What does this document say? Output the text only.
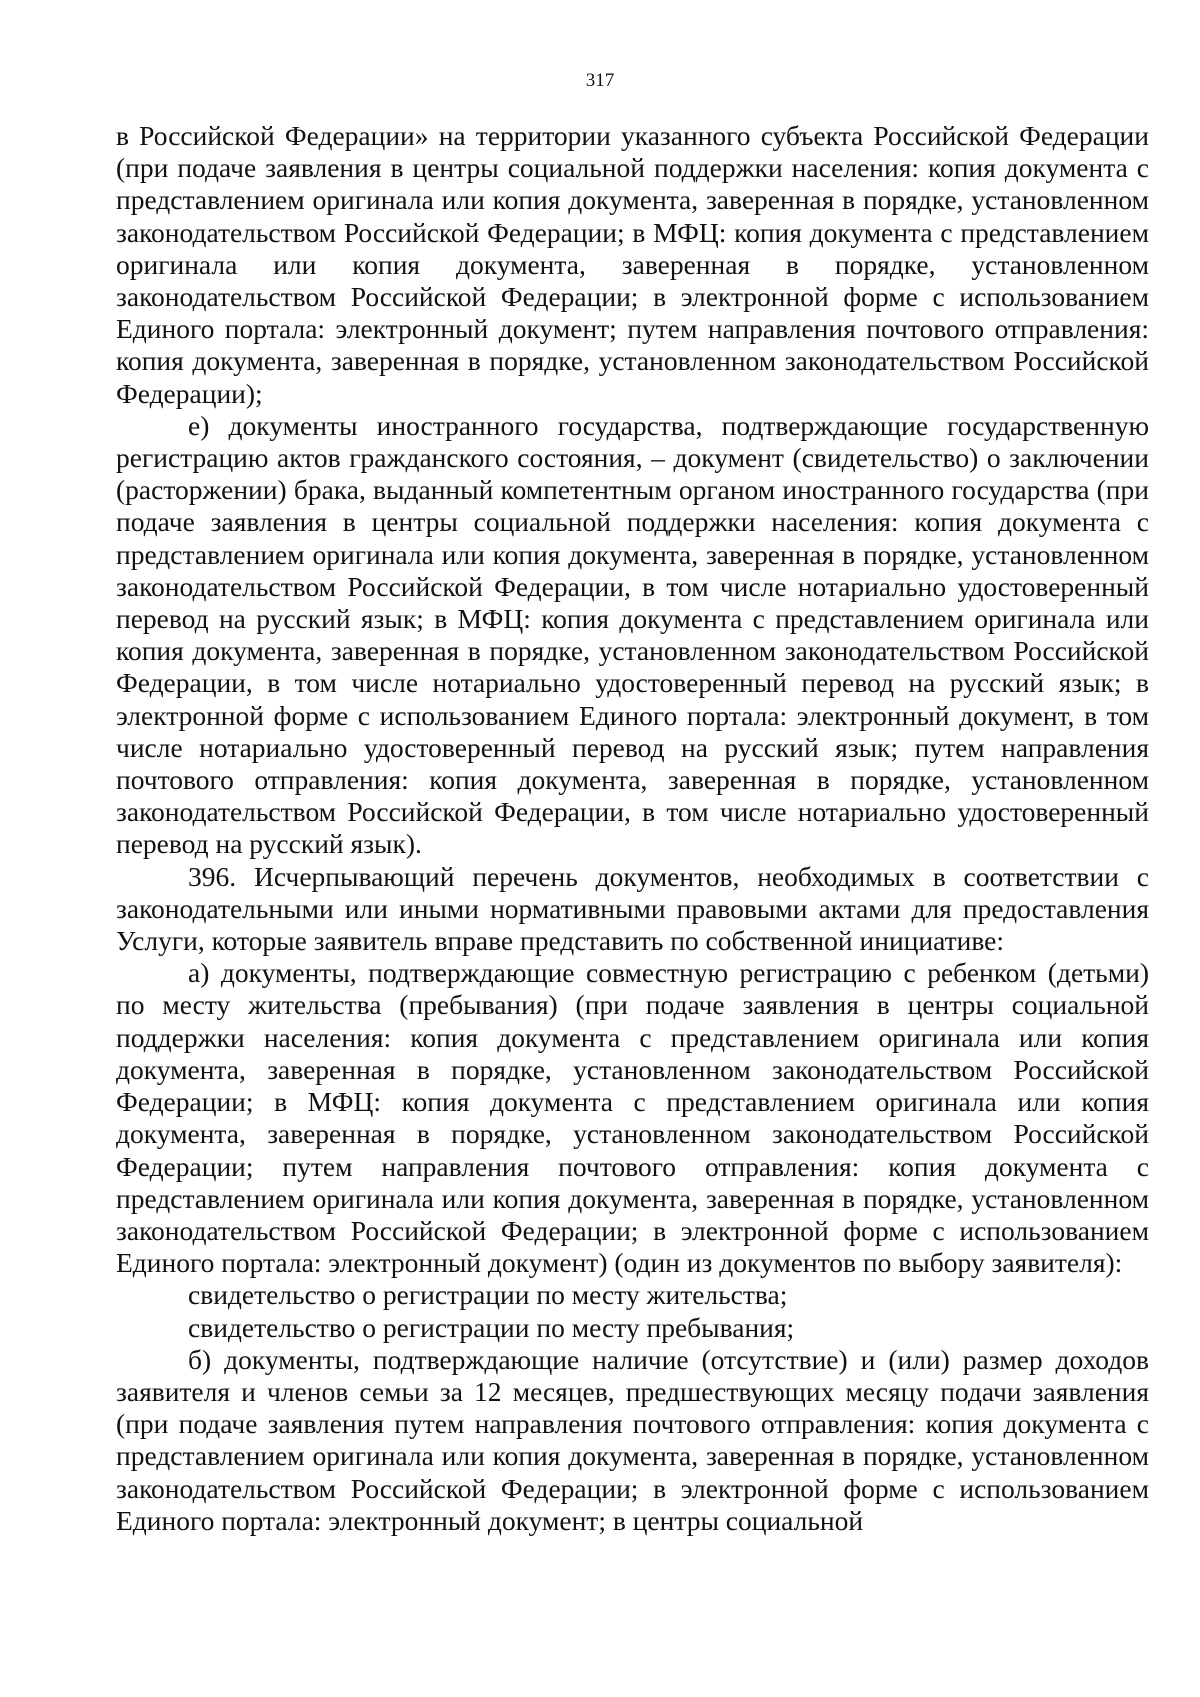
317

в Российской Федерации» на территории указанного субъекта Российской Федерации (при подаче заявления в центры социальной поддержки населения: копия документа с представлением оригинала или копия документа, заверенная в порядке, установленном законодательством Российской Федерации; в МФЦ: копия документа с представлением оригинала или копия документа, заверенная в порядке, установленном законодательством Российской Федерации; в электронной форме с использованием Единого портала: электронный документ; путем направления почтового отправления: копия документа, заверенная в порядке, установленном законодательством Российской Федерации);

е) документы иностранного государства, подтверждающие государственную регистрацию актов гражданского состояния, – документ (свидетельство) о заключении (расторжении) брака, выданный компетентным органом иностранного государства (при подаче заявления в центры социальной поддержки населения: копия документа с представлением оригинала или копия документа, заверенная в порядке, установленном законодательством Российской Федерации, в том числе нотариально удостоверенный перевод на русский язык; в МФЦ: копия документа с представлением оригинала или копия документа, заверенная в порядке, установленном законодательством Российской Федерации, в том числе нотариально удостоверенный перевод на русский язык; в электронной форме с использованием Единого портала: электронный документ, в том числе нотариально удостоверенный перевод на русский язык; путем направления почтового отправления: копия документа, заверенная в порядке, установленном законодательством Российской Федерации, в том числе нотариально удостоверенный перевод на русский язык).

396. Исчерпывающий перечень документов, необходимых в соответствии с законодательными или иными нормативными правовыми актами для предоставления Услуги, которые заявитель вправе представить по собственной инициативе:

а) документы, подтверждающие совместную регистрацию с ребенком (детьми) по месту жительства (пребывания) (при подаче заявления в центры социальной поддержки населения: копия документа с представлением оригинала или копия документа, заверенная в порядке, установленном законодательством Российской Федерации; в МФЦ: копия документа с представлением оригинала или копия документа, заверенная в порядке, установленном законодательством Российской Федерации; путем направления почтового отправления: копия документа с представлением оригинала или копия документа, заверенная в порядке, установленном законодательством Российской Федерации; в электронной форме с использованием Единого портала: электронный документ) (один из документов по выбору заявителя):

свидетельство о регистрации по месту жительства;

свидетельство о регистрации по месту пребывания;

б) документы, подтверждающие наличие (отсутствие) и (или) размер доходов заявителя и членов семьи за 12 месяцев, предшествующих месяцу подачи заявления (при подаче заявления путем направления почтового отправления: копия документа с представлением оригинала или копия документа, заверенная в порядке, установленном законодательством Российской Федерации; в электронной форме с использованием Единого портала: электронный документ; в центры социальной
